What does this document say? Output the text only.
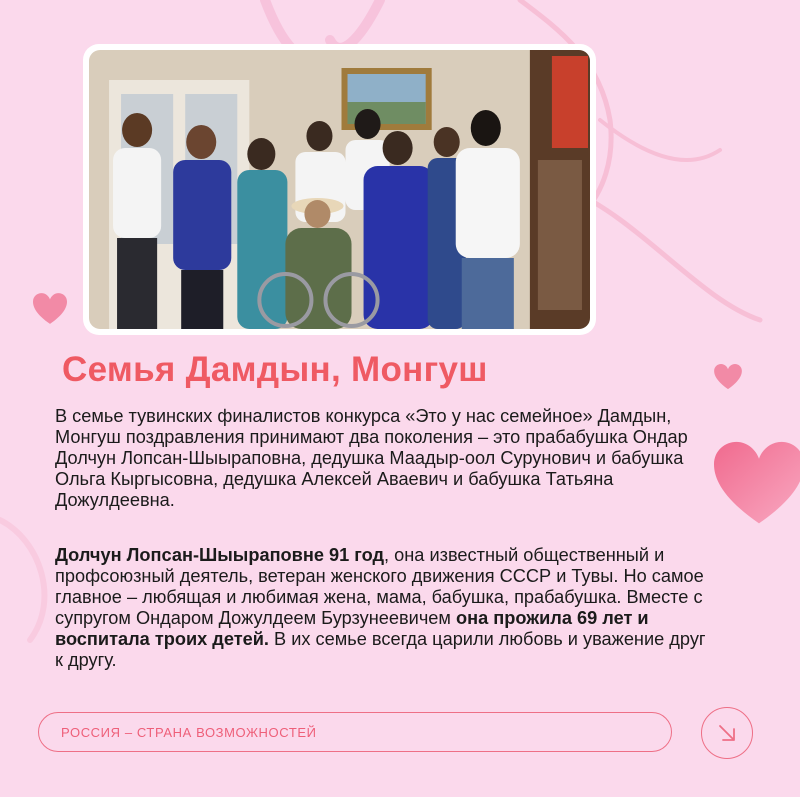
Семья Дамдын, Монгуш

В семье тувинских финалистов конкурса «Это у нас семейное» Дамдын, Монгуш поздравления принимают два поколения – это прабабушка Ондар Долчун Лопсан-Шыыраповна, дедушка Маадыр-оол Сурунович и бабушка Ольга Кыргысовна, дедушка Алексей Аваевич и бабушка Татьяна Дожулдеевна.

Долчун Лопсан-Шыыраповне 91 год, она известный общественный и профсоюзный деятель, ветеран женского движения СССР и Тувы. Но самое главное – любящая и любимая жена, мама, бабушка, прабабушка. Вместе с супругом Ондаром Дожулдеем Бурзунеевичем она прожила 69 лет и воспитала троих детей. В их семье всегда царили любовь и уважение друг к другу.

РОССИЯ – СТРАНА ВОЗМОЖНОСТЕЙ
